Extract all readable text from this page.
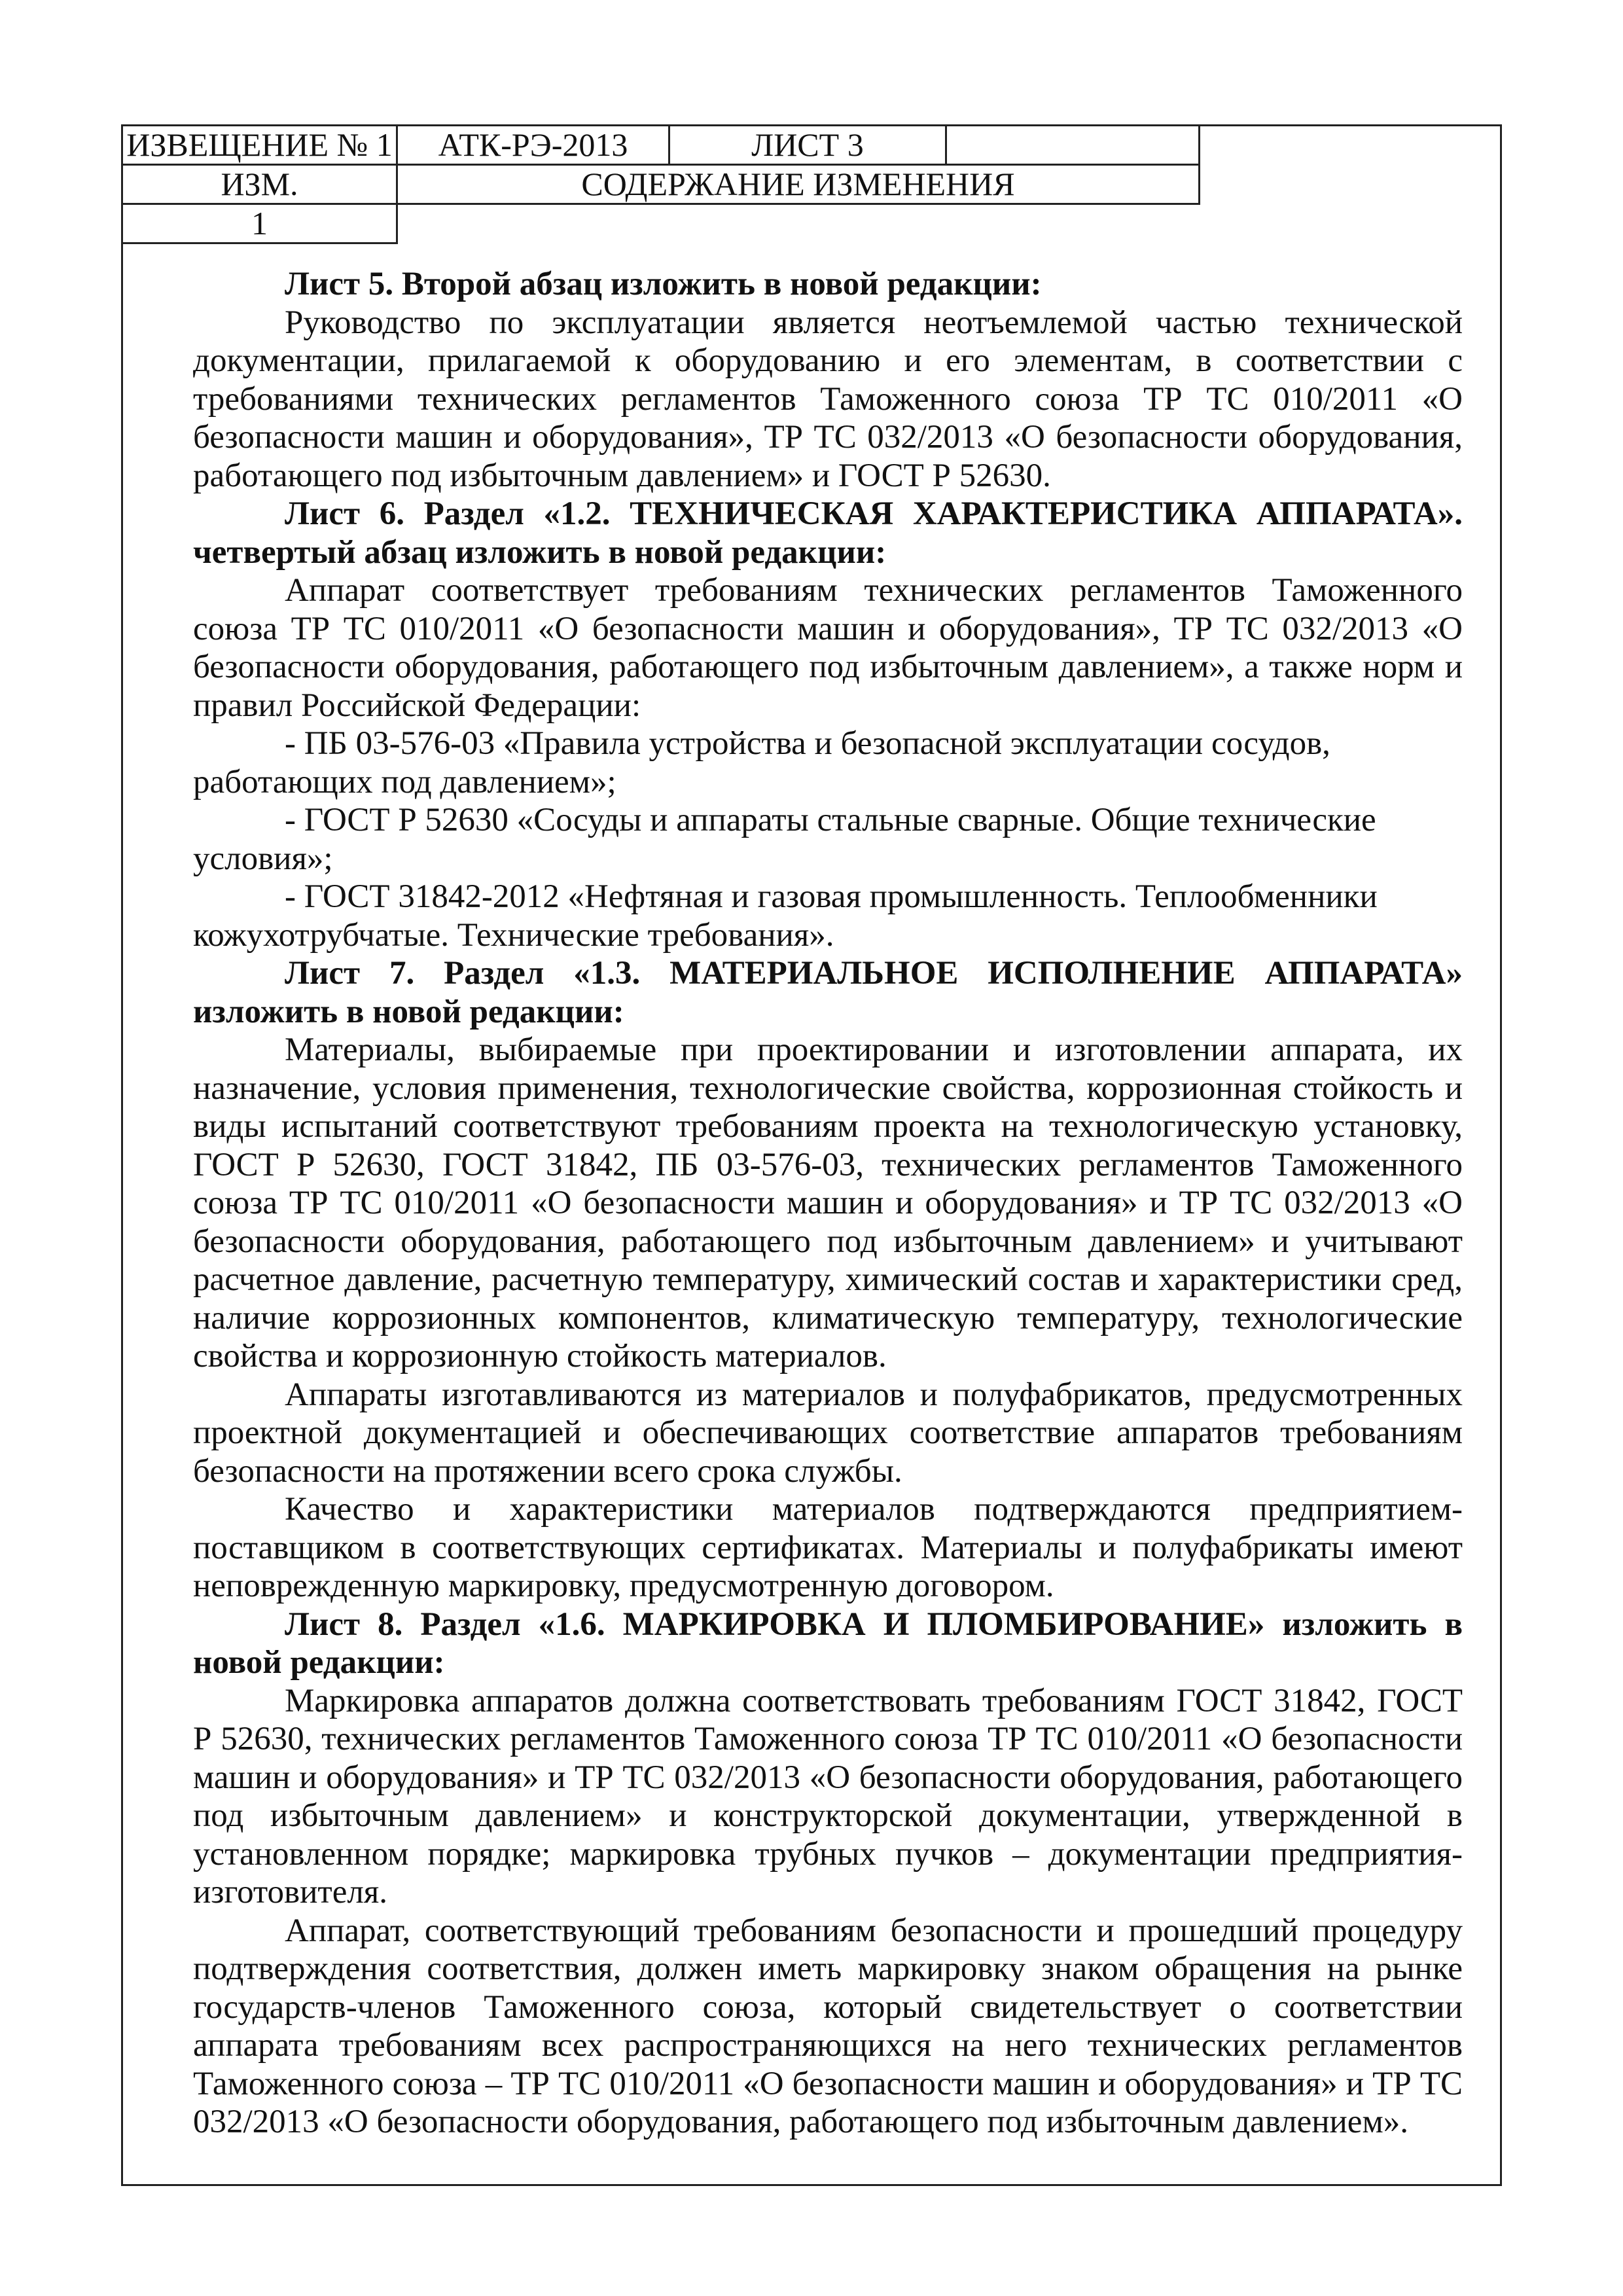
ИЗВЕЩЕНИЕ № 1	АТК-РЭ-2013	ЛИСТ 3	
ИЗМ.	СОДЕРЖАНИЕ ИЗМЕНЕНИЯ		
1			

Лист 5. Второй абзац изложить в новой редакции:

Руководство по эксплуатации является неотъемлемой частью технической документации, прилагаемой к оборудованию и его элементам, в соответствии с требованиями технических регламентов Таможенного союза ТР ТС 010/2011 «О безопасности машин и оборудования», ТР ТС 032/2013 «О безопасности оборудования, работающего под избыточным давлением» и ГОСТ Р 52630.

Лист 6. Раздел «1.2. ТЕХНИЧЕСКАЯ ХАРАКТЕРИСТИКА АППАРАТА». четвертый абзац изложить в новой редакции:

Аппарат соответствует требованиям технических регламентов Таможенного союза ТР ТС 010/2011 «О безопасности машин и оборудования», ТР ТС 032/2013 «О безопасности оборудования, работающего под избыточным давлением», а также норм и правил Российской Федерации:

- ПБ 03-576-03 «Правила устройства и безопасной эксплуатации сосудов, работающих под давлением»;

- ГОСТ Р 52630 «Сосуды и аппараты стальные сварные. Общие технические условия»;

- ГОСТ 31842-2012 «Нефтяная и газовая промышленность. Теплообменники кожухотрубчатые. Технические требования».

Лист 7. Раздел «1.3. МАТЕРИАЛЬНОЕ ИСПОЛНЕНИЕ АППАРАТА» изложить в новой редакции:

Материалы, выбираемые при проектировании и изготовлении аппарата, их назначение, условия применения, технологические свойства, коррозионная стойкость и виды испытаний соответствуют требованиям проекта на технологическую установку, ГОСТ Р 52630, ГОСТ 31842, ПБ 03-576-03, технических регламентов Таможенного союза ТР ТС 010/2011 «О безопасности машин и оборудования» и ТР ТС 032/2013 «О безопасности оборудования, работающего под избыточным давлением» и учитывают расчетное давление, расчетную температуру, химический состав и характеристики сред, наличие коррозионных компонентов, климатическую температуру, технологические свойства и коррозионную стойкость материалов.

Аппараты изготавливаются из материалов и полуфабрикатов, предусмотренных проектной документацией и обеспечивающих соответствие аппаратов требованиям безопасности на протяжении всего срока службы.

Качество и характеристики материалов подтверждаются предприятием-поставщиком в соответствующих сертификатах. Материалы и полуфабрикаты имеют неповрежденную маркировку, предусмотренную договором.

Лист 8. Раздел «1.6. МАРКИРОВКА И ПЛОМБИРОВАНИЕ» изложить в новой редакции:

Маркировка аппаратов должна соответствовать требованиям ГОСТ 31842, ГОСТ Р 52630, технических регламентов Таможенного союза ТР ТС 010/2011 «О безопасности машин и оборудования» и ТР ТС 032/2013 «О безопасности оборудования, работающего под избыточным давлением» и конструкторской документации, утвержденной в установленном порядке; маркировка трубных пучков – документации предприятия-изготовителя.

Аппарат, соответствующий требованиям безопасности и прошедший процедуру подтверждения соответствия, должен иметь маркировку знаком обращения на рынке государств-членов Таможенного союза, который свидетельствует о соответствии аппарата требованиям всех распространяющихся на него технических регламентов Таможенного союза – ТР ТС 010/2011 «О безопасности машин и оборудования» и ТР ТС 032/2013 «О безопасности оборудования, работающего под избыточным давлением».
